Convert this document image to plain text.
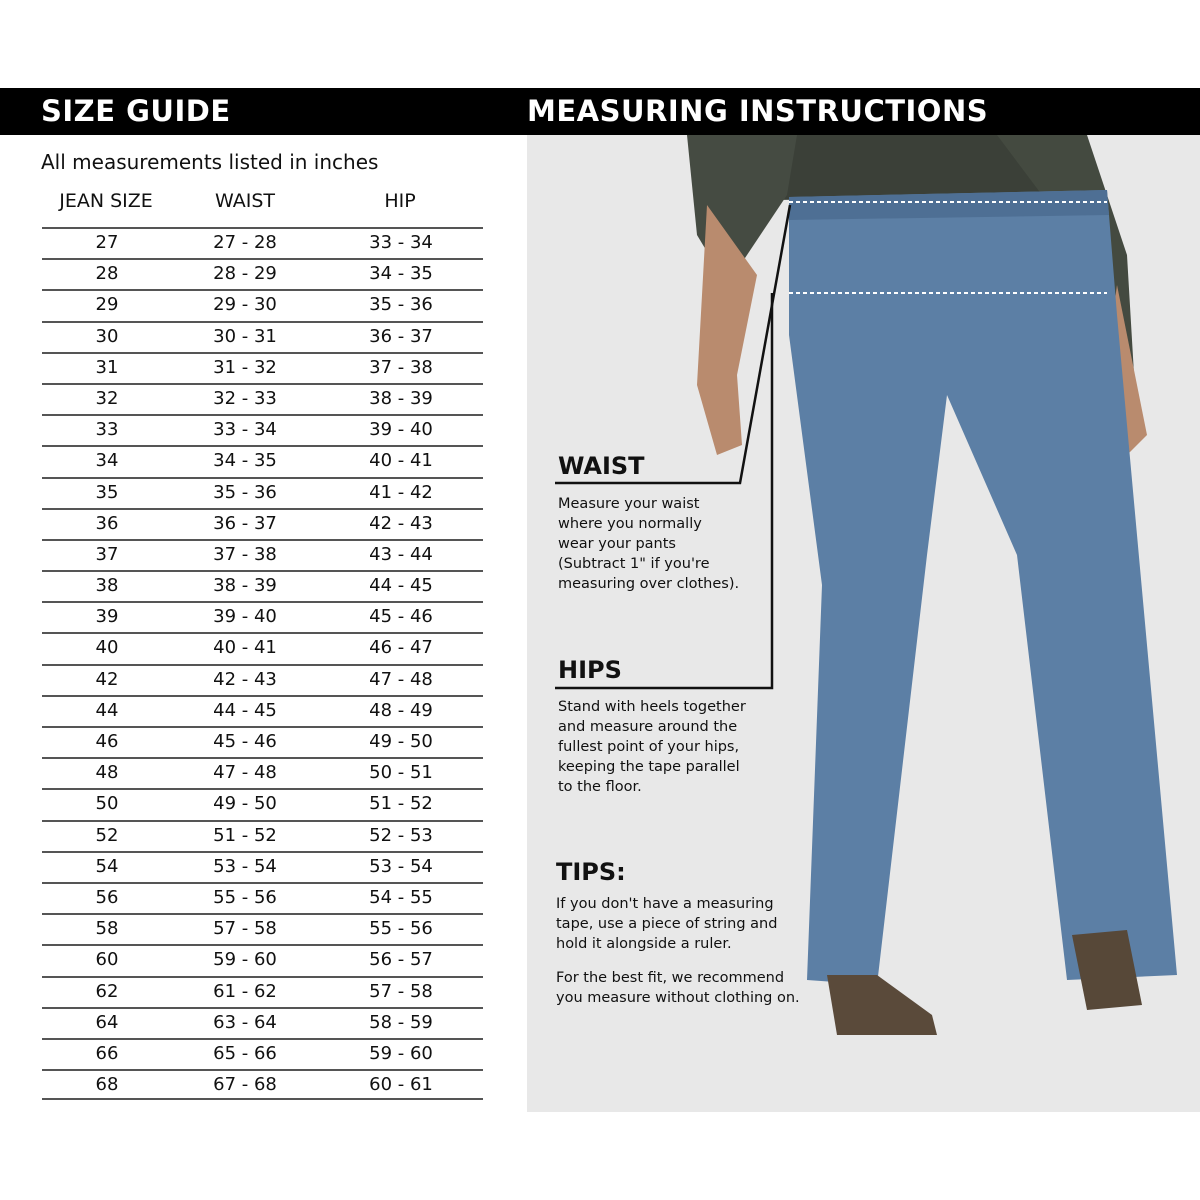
SIZE GUIDE	MEASURING INSTRUCTIONS
All measurements listed in inches
JEAN SIZE	WAIST	HIP
27	27 - 28	33 - 34
28	28 - 29	34 - 35
29	29 - 30	35 - 36
30	30 - 31	36 - 37
31	31 - 32	37 - 38
32	32 - 33	38 - 39
33	33 - 34	39 - 40
34	34 - 35	40 - 41
35	35 - 36	41 - 42
36	36 - 37	42 - 43
37	37 - 38	43 - 44
38	38 - 39	44 - 45
39	39 - 40	45 - 46
40	40 - 41	46 - 47
42	42 - 43	47 - 48
44	44 - 45	48 - 49
46	45 - 46	49 - 50
48	47 - 48	50 - 51
50	49 - 50	51 - 52
52	51 - 52	52 - 53
54	53 - 54	53 - 54
56	55 - 56	54 - 55
58	57 - 58	55 - 56
60	59 - 60	56 - 57
62	61 - 62	57 - 58
64	63 - 64	58 - 59
66	65 - 66	59 - 60
68	67 - 68	60 - 61
WAIST
Measure your waist
where you normally
wear your pants
(Subtract 1" if you're
measuring over clothes).
HIPS
Stand with heels together
and measure around the
fullest point of your hips,
keeping the tape parallel
to the floor.
TIPS:
If you don't have a measuring
tape, use a piece of string and
hold it alongside a ruler.
For the best fit, we recommend
you measure without clothing on.
